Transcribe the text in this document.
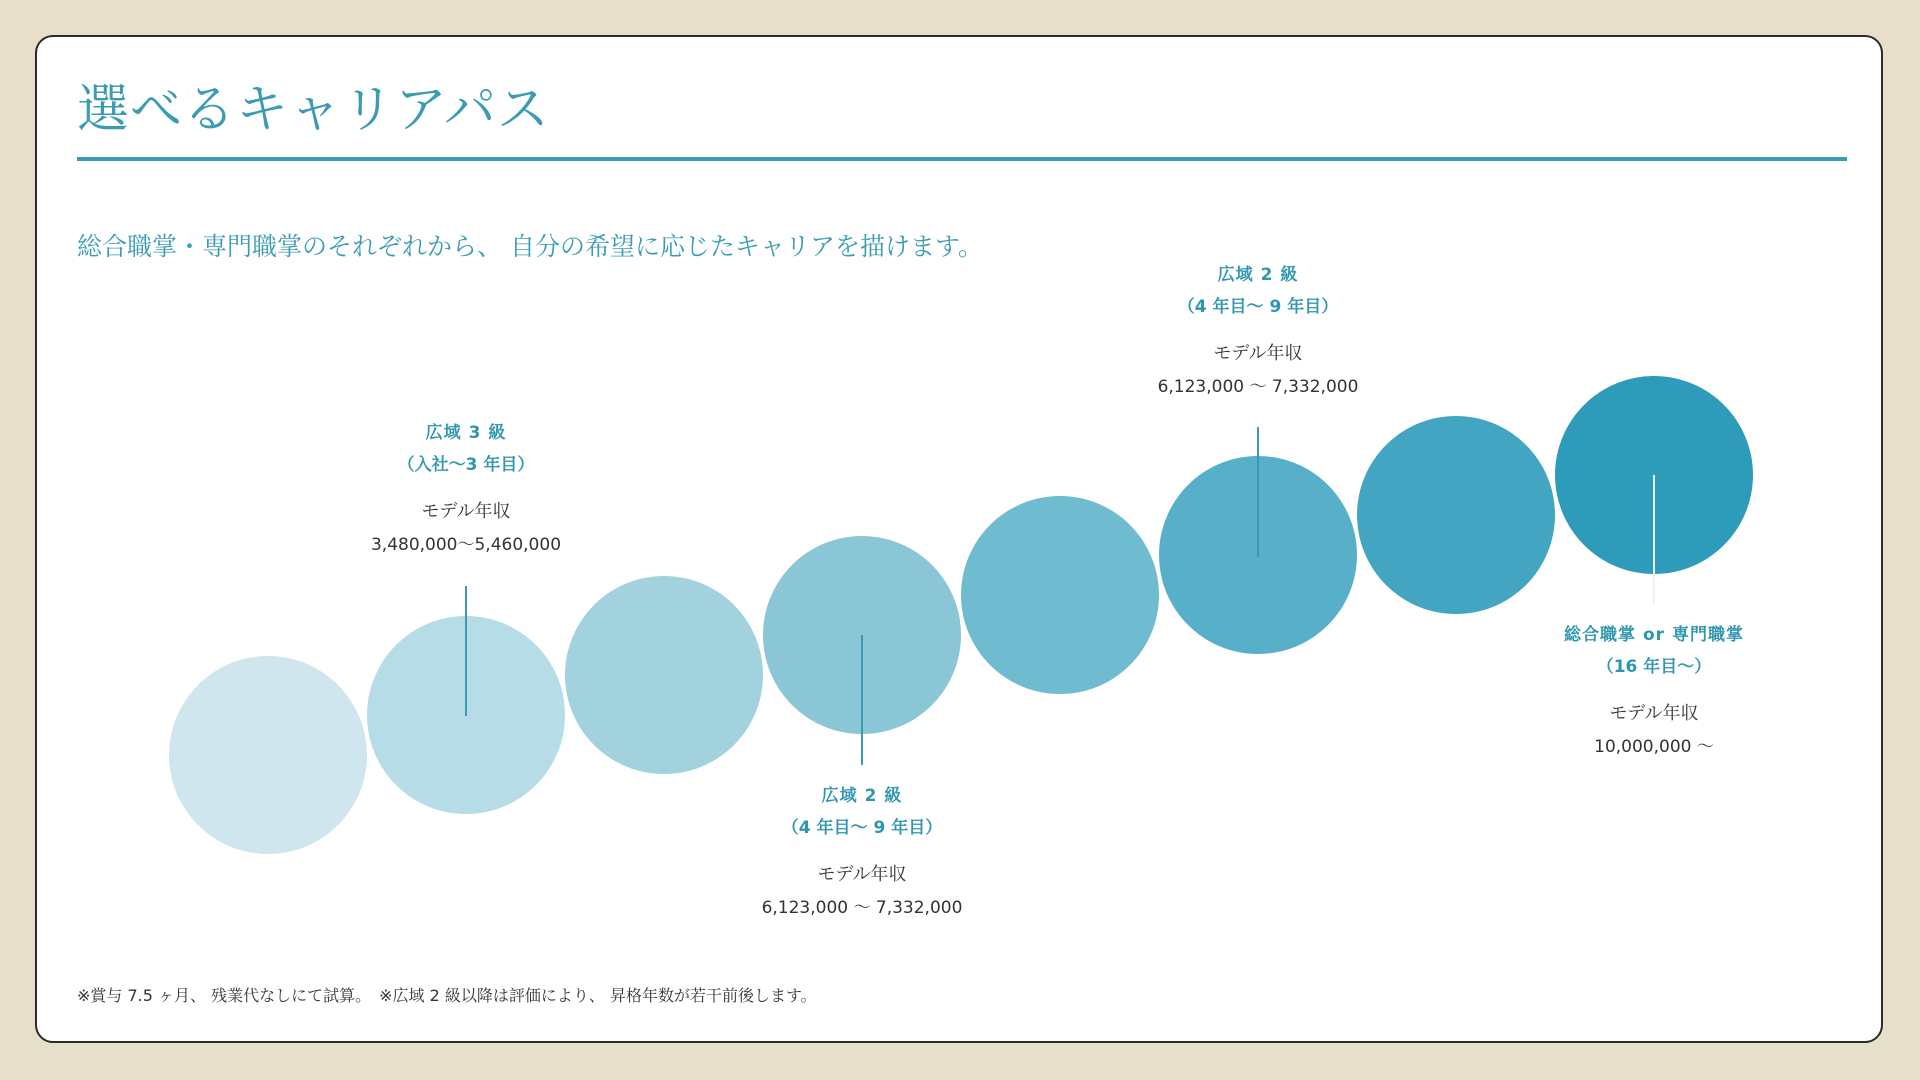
選べるキャリアパス
総合職掌・専門職掌のそれぞれから、 自分の希望に応じたキャリアを描けます。
広域 3 級
（入社〜3 年目）
モデル年収
3,480,000〜5,460,000
広域 2 級
（4 年目〜 9 年目）
モデル年収
6,123,000 〜 7,332,000
広域 2 級
（4 年目〜 9 年目）
モデル年収
6,123,000 〜 7,332,000
総合職掌 or 専門職掌
（16 年目〜）
モデル年収
10,000,000 〜
※賞与 7.5 ヶ月、 残業代なしにて試算。　※広域 2 級以降は評価により、 昇格年数が若干前後します。
